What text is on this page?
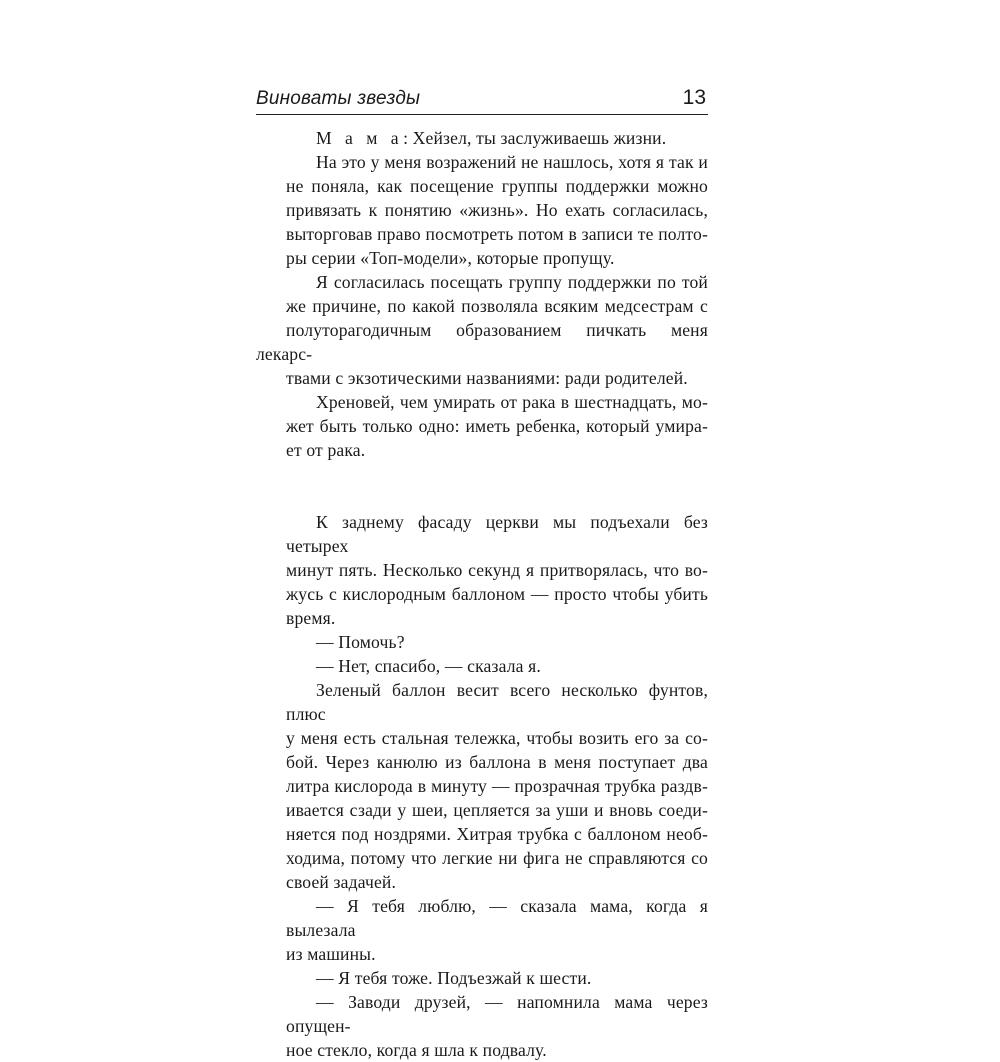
Виноваты звезды	13
М а м а: Хейзел, ты заслуживаешь жизни.
На это у меня возражений не нашлось, хотя я так и
не поняла, как посещение группы поддержки можно
привязать к понятию «жизнь». Но ехать согласилась,
выторговав право посмотреть потом в записи те полто-
ры серии «Топ-модели», которые пропущу.
Я согласилась посещать группу поддержки по той
же причине, по какой позволяла всяким медсестрам с
полуторагодичным образованием пичкать меня лекарс-
твами с экзотическими названиями: ради родителей.
Хреновей, чем умирать от рака в шестнадцать, мо-
жет быть только одно: иметь ребенка, который умира-
ет от рака.
К заднему фасаду церкви мы подъехали без четырех
минут пять. Несколько секунд я притворялась, что во-
жусь с кислородным баллоном — просто чтобы убить
время.
— Помочь?
— Нет, спасибо, — сказала я.
Зеленый баллон весит всего несколько фунтов, плюс
у меня есть стальная тележка, чтобы возить его за со-
бой. Через канюлю из баллона в меня поступает два
литра кислорода в минуту — прозрачная трубка раздв-
ивается сзади у шеи, цепляется за уши и вновь соеди-
няется под ноздрями. Хитрая трубка с баллоном необ-
ходима, потому что легкие ни фига не справляются со
своей задачей.
— Я тебя люблю, — сказала мама, когда я вылезала
из машины.
— Я тебя тоже. Подъезжай к шести.
— Заводи друзей, — напомнила мама через опущен-
ное стекло, когда я шла к подвалу.
